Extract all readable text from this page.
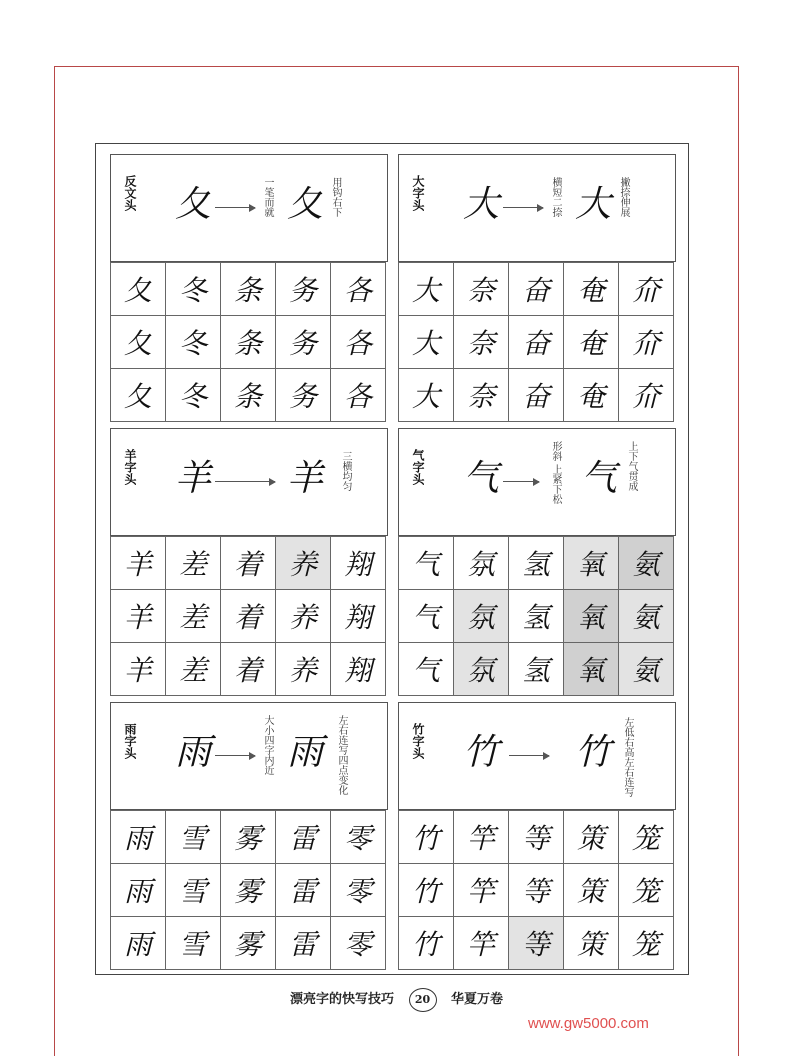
反文头 夂 夂
一笔而就	用钩右下
夂	冬	条	务	各
夂	冬	条	务	各
夂	冬	条	务	各
大字头 大 大
横短二捺	撇捺伸展
大	奈	奋	奄	夼
大	奈	奋	奄	夼
大	奈	奋	奄	夼
羊字头 羊 羊 三横均匀
羊	差	着	养	翔
羊	差	着	养	翔
羊	差	着	养	翔
气字头 气 气
形斜 上紧下松	上下气贯成
气	氛	氢	氧	氨
气	氛	氢	氧	氨
气	氛	氢	氧	氨
雨字头 雨 雨
大小四字内近	左右连写四点变化
雨	雪	雾	雷	零
雨	雪	雾	雷	零
雨	雪	雾	雷	零
竹字头 竹 竹 左低右高左右连写
竹	竿	等	策	笼
竹	竿	等	策	笼
竹	竿	等	策	笼
漂亮字的快写技巧 20 华夏万卷
www.gw5000.com
